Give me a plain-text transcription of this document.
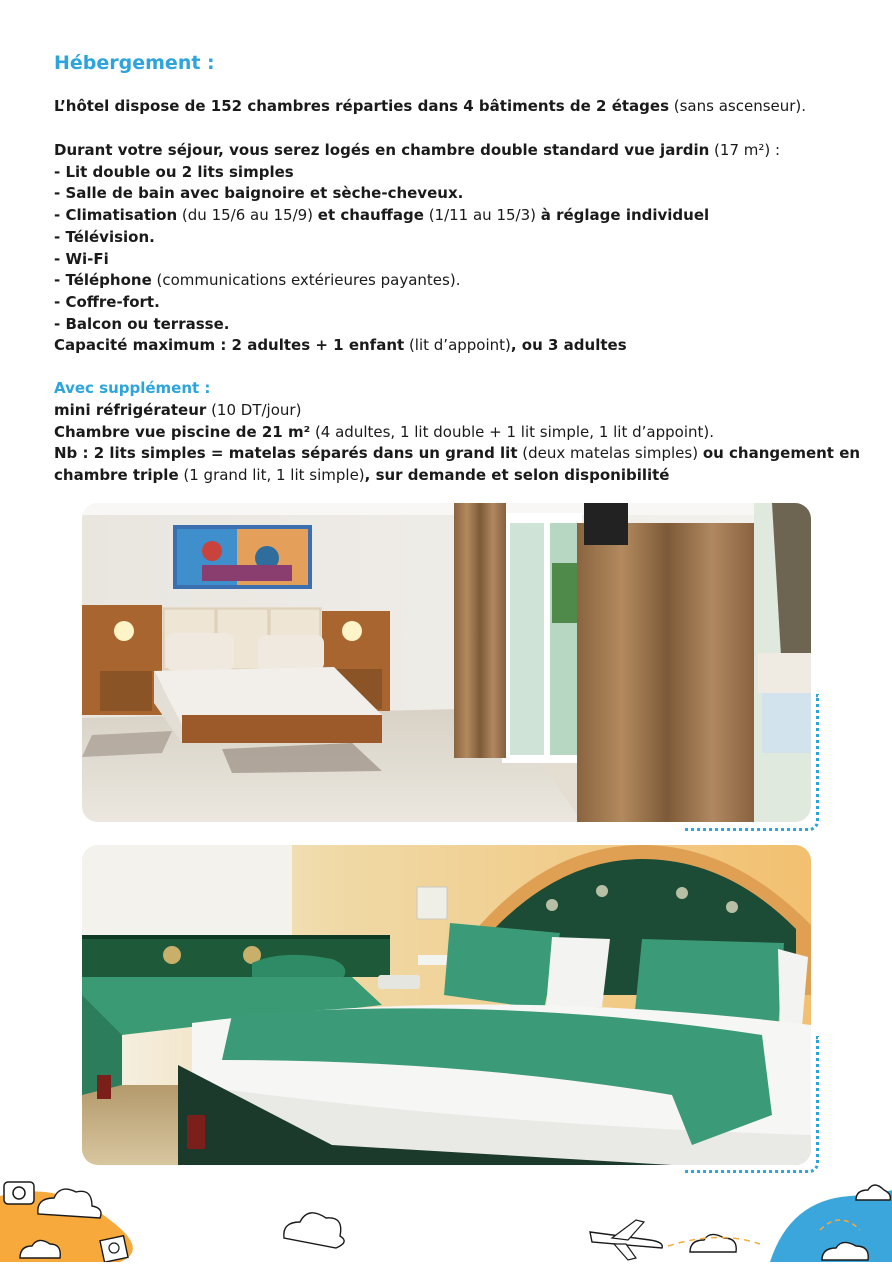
Hébergement :
L’hôtel dispose de 152 chambres réparties dans 4 bâtiments de 2 étages (sans ascenseur).
Durant votre séjour, vous serez logés en chambre double standard vue jardin (17 m²) :
- Lit double ou 2 lits simples
- Salle de bain avec baignoire et sèche-cheveux.
- Climatisation (du 15/6 au 15/9) et chauffage (1/11 au 15/3) à réglage individuel
- Télévision.
- Wi-Fi
- Téléphone (communications extérieures payantes).
- Coffre-fort.
- Balcon ou terrasse.
Capacité maximum : 2 adultes + 1 enfant (lit d’appoint), ou 3 adultes
Avec supplément :
mini réfrigérateur (10 DT/jour)
Chambre vue piscine de 21 m² (4 adultes, 1 lit double + 1 lit simple, 1 lit d’appoint).
Nb : 2 lits simples = matelas séparés dans un grand lit (deux matelas simples) ou changement en
chambre triple (1 grand lit, 1 lit simple), sur demande et selon disponibilité
